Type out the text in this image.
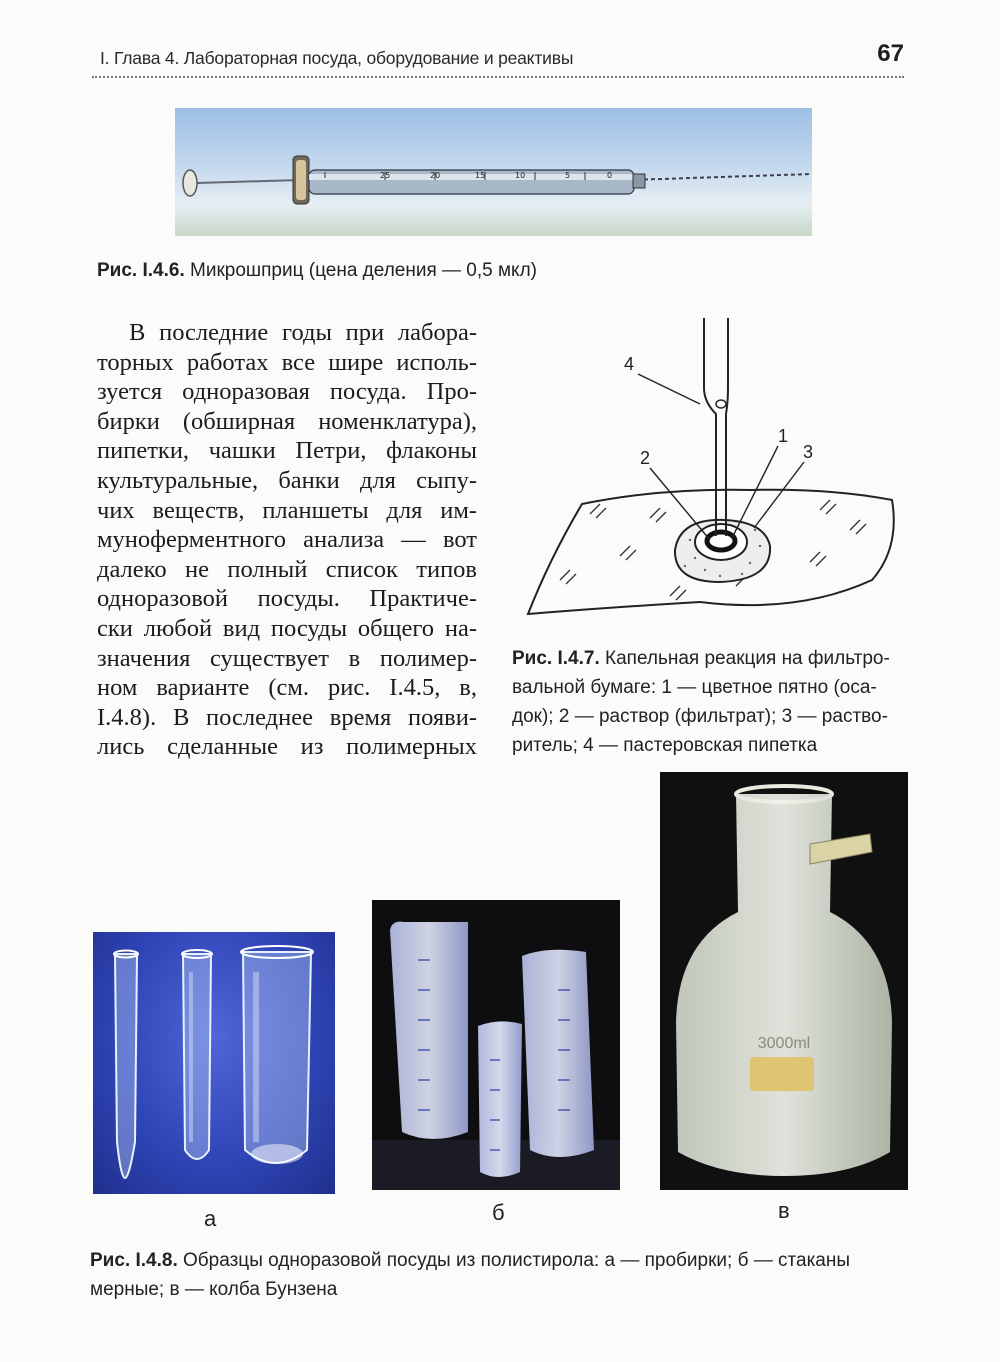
I. Глава 4. Лабораторная посуда, оборудование и реактивы	67
25	20	15	10	5	0
Рис. I.4.6. Микрошприц (цена деления — 0,5 мкл)
В последние годы при лабора-
торных работах все шире исполь-
зуется одноразовая посуда. Про-
бирки (обширная номенклатура),
пипетки, чашки Петри, флаконы
культуральные, банки для сыпу-
чих веществ, планшеты для им-
муноферментного анализа — вот
далеко не полный список типов
одноразовой посуды. Практиче-
ски любой вид посуды общего на-
значения существует в полимер-
ном варианте (см. рис. I.4.5, в,
I.4.8). В последнее время появи-
лись сделанные из полимерных
1
2	3
4
Рис. I.4.7. Капельная реакция на фильтро-
вальной бумаге: 1 — цветное пятно (оса-
док); 2 — раствор (фильтрат); 3 — раство-
ритель; 4 — пастеровская пипетка
3000ml
а	б	в
Рис. I.4.8. Образцы одноразовой посуды из полистирола: а — пробирки; б — стаканы
мерные; в — колба Бунзена
